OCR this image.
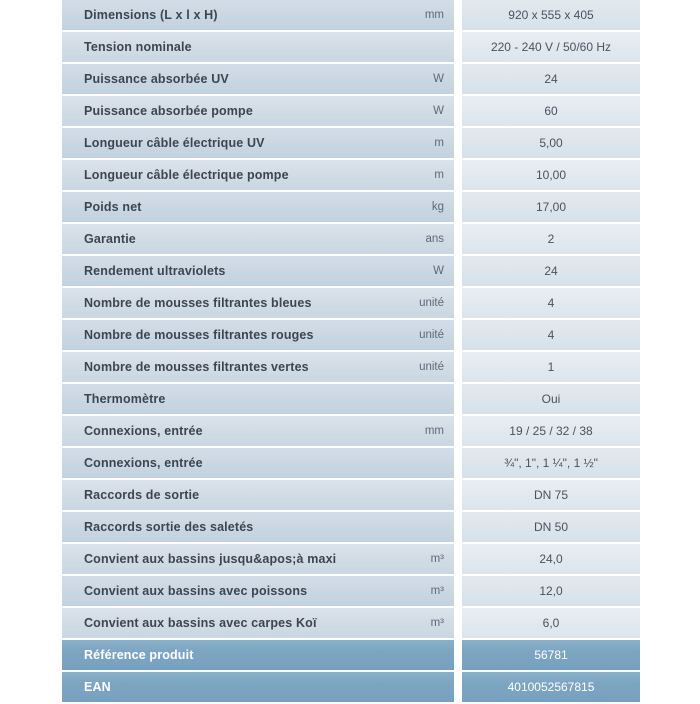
Dimensions (L x l x H)	mm	920 x 555 x 405
Tension nominale	220 - 240 V / 50/60 Hz
Puissance absorbée UV	W	24
Puissance absorbée pompe	W	60
Longueur câble électrique UV	m	5,00
Longueur câble électrique pompe	m	10,00
Poids net	kg	17,00
Garantie	ans	2
Rendement ultraviolets	W	24
Nombre de mousses filtrantes bleues	unité	4
Nombre de mousses filtrantes rouges	unité	4
Nombre de mousses filtrantes vertes	unité	1
Thermomètre	Oui
Connexions, entrée	mm	19 / 25 / 32 / 38
Connexions, entrée	¾", 1", 1 ¼", 1 ½"
Raccords de sortie	DN 75
Raccords sortie des saletés	DN 50
Convient aux bassins jusqu&apos;à maxi	m³	24,0
Convient aux bassins avec poissons	m³	12,0
Convient aux bassins avec carpes Koï	m³	6,0
Référence produit	56781
EAN	4010052567815
